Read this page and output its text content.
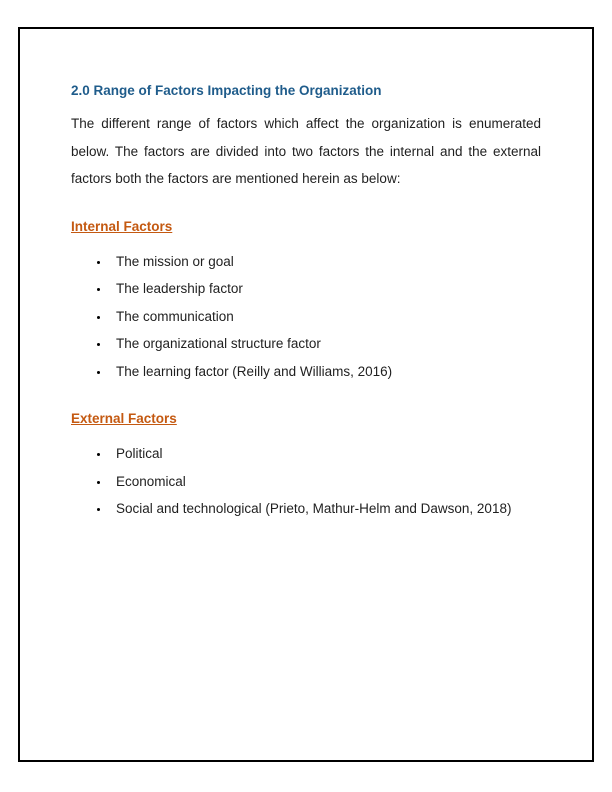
2.0 Range of Factors Impacting the Organization

The different range of factors which affect the organization is enumerated below. The factors are divided into two factors the internal and the external factors both the factors are mentioned herein as below:

Internal Factors
• The mission or goal
• The leadership factor
• The communication
• The organizational structure factor
• The learning factor (Reilly and Williams, 2016)
External Factors
• Political
• Economical
• Social and technological (Prieto, Mathur-Helm and Dawson, 2018)
